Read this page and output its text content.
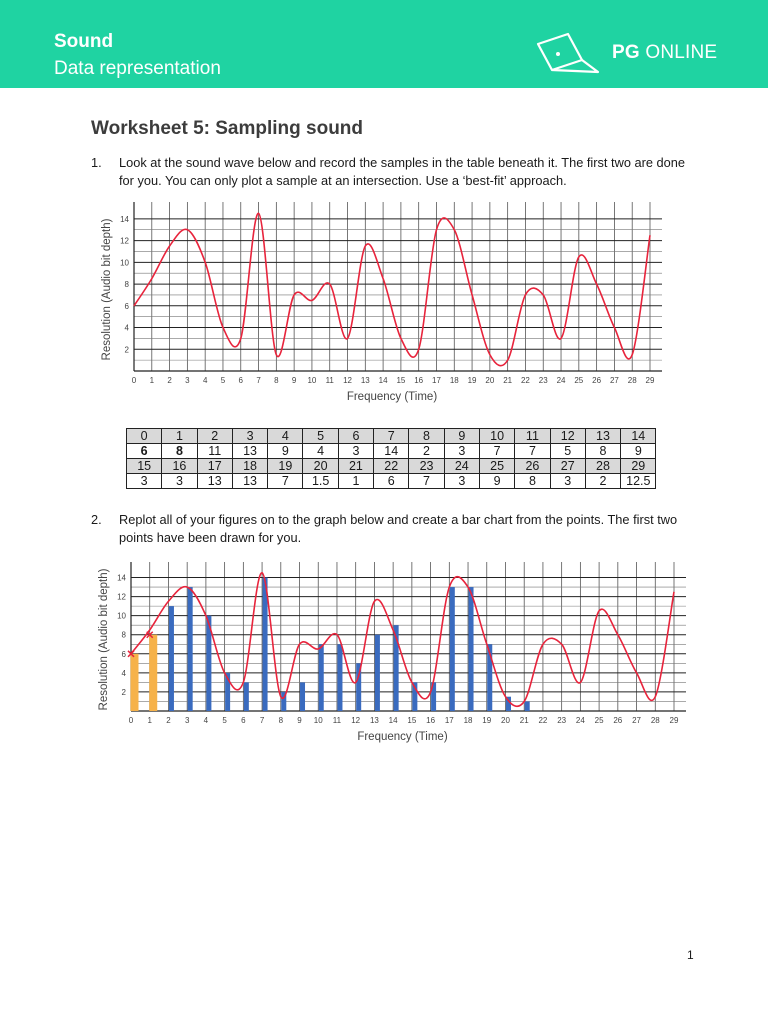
Sound
Data representation
PG ONLINE
Worksheet 5: Sampling sound
1. Look at the sound wave below and record the samples in the table beneath it. The first two are done for you. You can only plot a sample at an intersection. Use a ‘best-fit’ approach.
2
4
6
8
10
12
14
0 1 2 3 4 5 6 7 8 9 10 11 12 13 14 15 16 17 18 19 20 21 22 23 24 25 26 27 28 29
Frequency (Time)
Resolution (Audio bit depth)
0	1	2	3	4	5	6	7	8	9	10	11	12	13	14
6	8	11	13	9	4	3	14	2	3	7	7	5	8	9
15	16	17	18	19	20	21	22	23	24	25	26	27	28	29
3	3	13	13	7	1.5	1	6	7	3	9	8	3	2	12.5
2. Replot all of your figures on to the graph below and create a bar chart from the points. The first two points have been drawn for you.
2
4
6
8
10
12
14
0 1 2 3 4 5 6 7 8 9 10 11 12 13 14 15 16 17 18 19 20 21 22 23 24 25 26 27 28 29
Frequency (Time)
Resolution (Audio bit depth)
1
